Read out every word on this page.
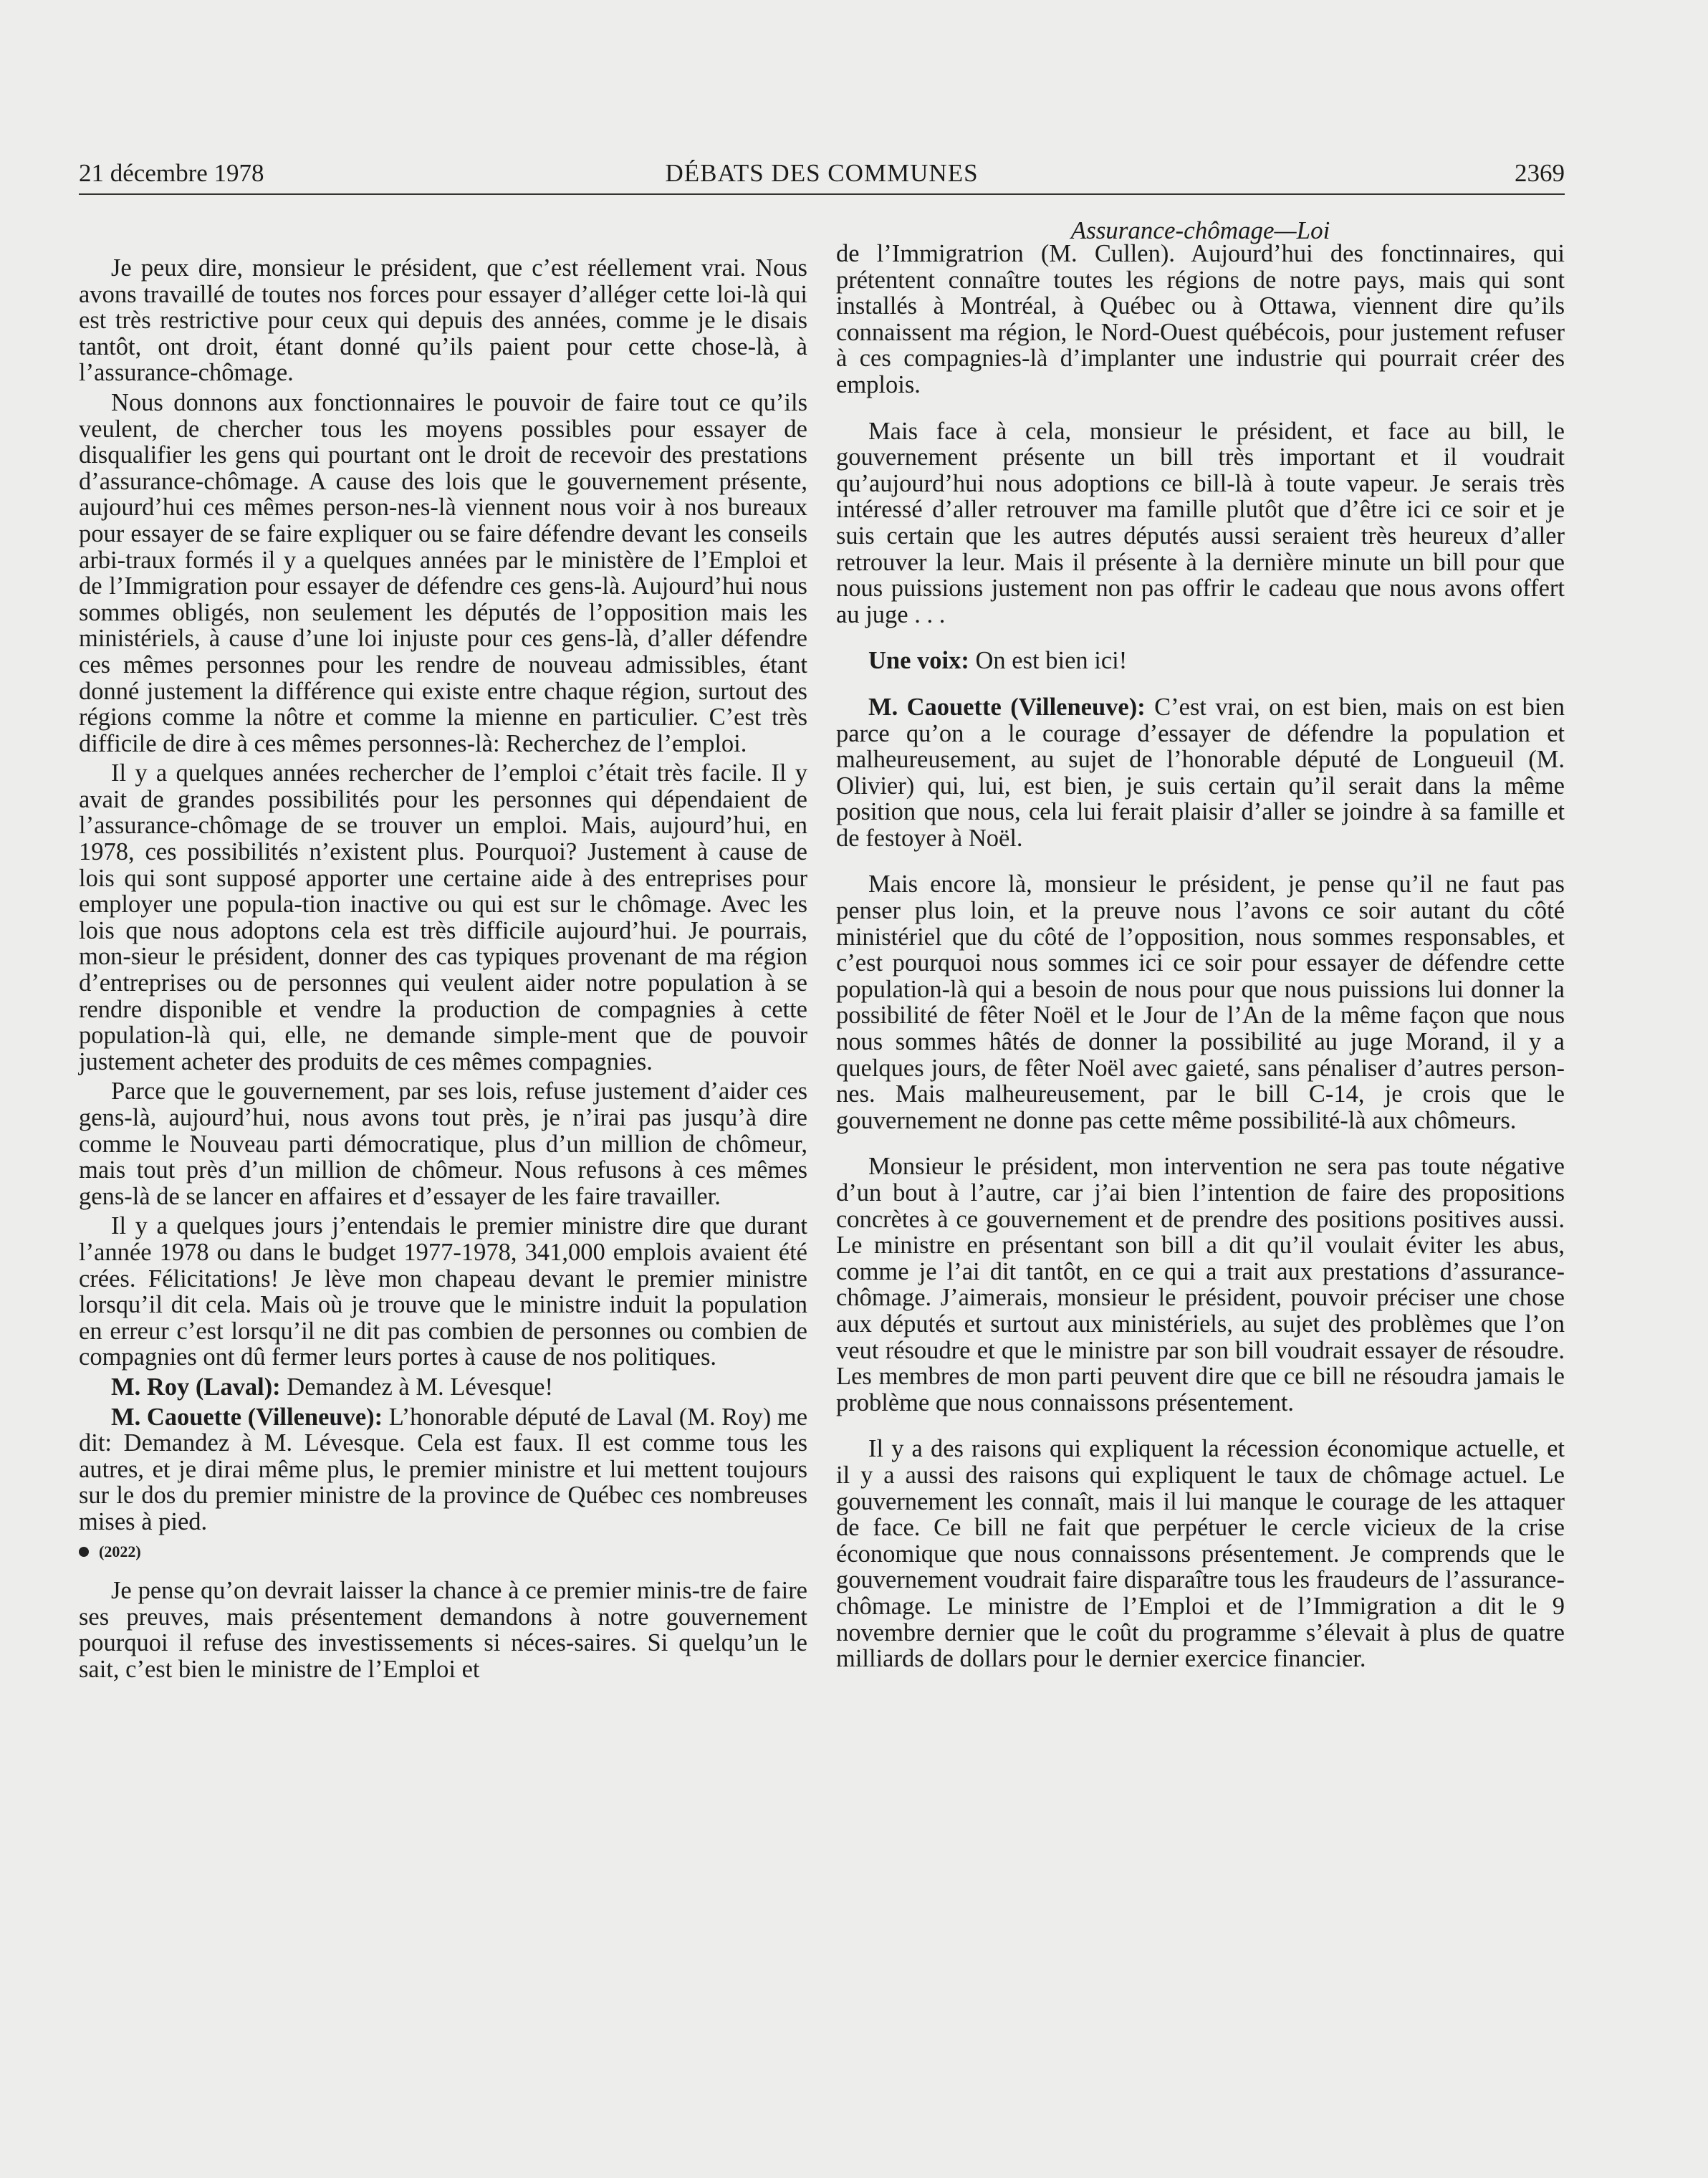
21 décembre 1978	DÉBATS DES COMMUNES	2369
Assurance-chômage—Loi

Je peux dire, monsieur le président, que c’est réellement vrai. Nous avons travaillé de toutes nos forces pour essayer d’alléger cette loi-là qui est très restrictive pour ceux qui depuis des années, comme je le disais tantôt, ont droit, étant donné qu’ils paient pour cette chose-là, à l’assurance-chômage.

Nous donnons aux fonctionnaires le pouvoir de faire tout ce qu’ils veulent, de chercher tous les moyens possibles pour essayer de disqualifier les gens qui pourtant ont le droit de recevoir des prestations d’assurance-chômage. A cause des lois que le gouvernement présente, aujourd’hui ces mêmes person-nes-là viennent nous voir à nos bureaux pour essayer de se faire expliquer ou se faire défendre devant les conseils arbi-traux formés il y a quelques années par le ministère de l’Emploi et de l’Immigration pour essayer de défendre ces gens-là. Aujourd’hui nous sommes obligés, non seulement les députés de l’opposition mais les ministériels, à cause d’une loi injuste pour ces gens-là, d’aller défendre ces mêmes personnes pour les rendre de nouveau admissibles, étant donné justement la différence qui existe entre chaque région, surtout des régions comme la nôtre et comme la mienne en particulier. C’est très difficile de dire à ces mêmes personnes-là: Recherchez de l’emploi.

Il y a quelques années rechercher de l’emploi c’était très facile. Il y avait de grandes possibilités pour les personnes qui dépendaient de l’assurance-chômage de se trouver un emploi. Mais, aujourd’hui, en 1978, ces possibilités n’existent plus. Pourquoi? Justement à cause de lois qui sont supposé apporter une certaine aide à des entreprises pour employer une popula-tion inactive ou qui est sur le chômage. Avec les lois que nous adoptons cela est très difficile aujourd’hui. Je pourrais, mon-sieur le président, donner des cas typiques provenant de ma région d’entreprises ou de personnes qui veulent aider notre population à se rendre disponible et vendre la production de compagnies à cette population-là qui, elle, ne demande simple-ment que de pouvoir justement acheter des produits de ces mêmes compagnies.

Parce que le gouvernement, par ses lois, refuse justement d’aider ces gens-là, aujourd’hui, nous avons tout près, je n’irai pas jusqu’à dire comme le Nouveau parti démocratique, plus d’un million de chômeur, mais tout près d’un million de chômeur. Nous refusons à ces mêmes gens-là de se lancer en affaires et d’essayer de les faire travailler.

Il y a quelques jours j’entendais le premier ministre dire que durant l’année 1978 ou dans le budget 1977-1978, 341,000 emplois avaient été crées. Félicitations! Je lève mon chapeau devant le premier ministre lorsqu’il dit cela. Mais où je trouve que le ministre induit la population en erreur c’est lorsqu’il ne dit pas combien de personnes ou combien de compagnies ont dû fermer leurs portes à cause de nos politiques.

M. Roy (Laval): Demandez à M. Lévesque!

M. Caouette (Villeneuve): L’honorable député de Laval (M. Roy) me dit: Demandez à M. Lévesque. Cela est faux. Il est comme tous les autres, et je dirai même plus, le premier ministre et lui mettent toujours sur le dos du premier ministre de la province de Québec ces nombreuses mises à pied.

(2022)

Je pense qu’on devrait laisser la chance à ce premier minis-tre de faire ses preuves, mais présentement demandons à notre gouvernement pourquoi il refuse des investissements si néces-saires. Si quelqu’un le sait, c’est bien le ministre de l’Emploi et

de l’Immigratrion (M. Cullen). Aujourd’hui des fonctinnaires, qui prétentent connaître toutes les régions de notre pays, mais qui sont installés à Montréal, à Québec ou à Ottawa, viennent dire qu’ils connaissent ma région, le Nord-Ouest québécois, pour justement refuser à ces compagnies-là d’implanter une industrie qui pourrait créer des emplois.

Mais face à cela, monsieur le président, et face au bill, le gouvernement présente un bill très important et il voudrait qu’aujourd’hui nous adoptions ce bill-là à toute vapeur. Je serais très intéressé d’aller retrouver ma famille plutôt que d’être ici ce soir et je suis certain que les autres députés aussi seraient très heureux d’aller retrouver la leur. Mais il présente à la dernière minute un bill pour que nous puissions justement non pas offrir le cadeau que nous avons offert au juge . . .

Une voix: On est bien ici!

M. Caouette (Villeneuve): C’est vrai, on est bien, mais on est bien parce qu’on a le courage d’essayer de défendre la population et malheureusement, au sujet de l’honorable député de Longueuil (M. Olivier) qui, lui, est bien, je suis certain qu’il serait dans la même position que nous, cela lui ferait plaisir d’aller se joindre à sa famille et de festoyer à Noël.

Mais encore là, monsieur le président, je pense qu’il ne faut pas penser plus loin, et la preuve nous l’avons ce soir autant du côté ministériel que du côté de l’opposition, nous sommes responsables, et c’est pourquoi nous sommes ici ce soir pour essayer de défendre cette population-là qui a besoin de nous pour que nous puissions lui donner la possibilité de fêter Noël et le Jour de l’An de la même façon que nous nous sommes hâtés de donner la possibilité au juge Morand, il y a quelques jours, de fêter Noël avec gaieté, sans pénaliser d’autres person-nes. Mais malheureusement, par le bill C-14, je crois que le gouvernement ne donne pas cette même possibilité-là aux chômeurs.

Monsieur le président, mon intervention ne sera pas toute négative d’un bout à l’autre, car j’ai bien l’intention de faire des propositions concrètes à ce gouvernement et de prendre des positions positives aussi. Le ministre en présentant son bill a dit qu’il voulait éviter les abus, comme je l’ai dit tantôt, en ce qui a trait aux prestations d’assurance-chômage. J’aimerais, monsieur le président, pouvoir préciser une chose aux députés et surtout aux ministériels, au sujet des problèmes que l’on veut résoudre et que le ministre par son bill voudrait essayer de résoudre. Les membres de mon parti peuvent dire que ce bill ne résoudra jamais le problème que nous connaissons présentement.

Il y a des raisons qui expliquent la récession économique actuelle, et il y a aussi des raisons qui expliquent le taux de chômage actuel. Le gouvernement les connaît, mais il lui manque le courage de les attaquer de face. Ce bill ne fait que perpétuer le cercle vicieux de la crise économique que nous connaissons présentement. Je comprends que le gouvernement voudrait faire disparaître tous les fraudeurs de l’assurance-chômage. Le ministre de l’Emploi et de l’Immigration a dit le 9 novembre dernier que le coût du programme s’élevait à plus de quatre milliards de dollars pour le dernier exercice financier.
